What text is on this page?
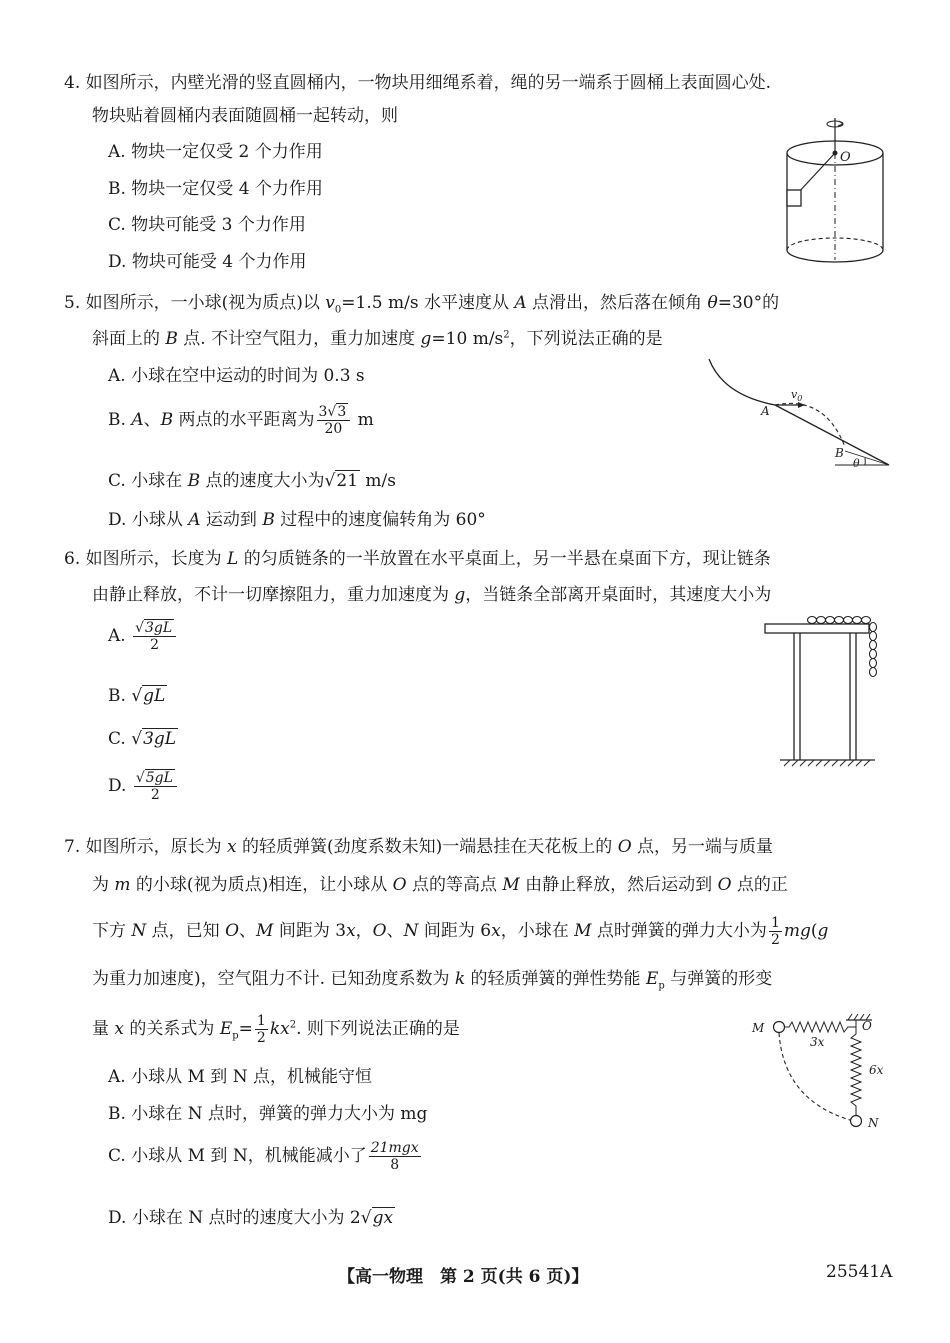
4. 如图所示，内壁光滑的竖直圆桶内，一物块用细绳系着，绳的另一端系于圆桶上表面圆心处.
物块贴着圆桶内表面随圆桶一起转动，则
A. 物块一定仅受 2 个力作用
B. 物块一定仅受 4 个力作用
C. 物块可能受 3 个力作用
D. 物块可能受 4 个力作用
O
5. 如图所示，一小球(视为质点)以 $v_0=1.5$ m/s 水平速度从 A 点滑出，然后落在倾角 θ=30°的
斜面上的 B 点. 不计空气阻力，重力加速度 g=10 $m/s^2$，下列说法正确的是
A. 小球在空中运动的时间为 0.3 s
B. A、B 两点的水平距离为 $\frac{3√3}{20}$ m
C. 小球在 B 点的速度大小为√21 m/s
D. 小球从 A 运动到 B 过程中的速度偏转角为 60°
$v_0$
A
B
θ
6. 如图所示，长度为 L 的匀质链条的一半放置在水平桌面上，另一半悬在桌面下方，现让链条
由静止释放，不计一切摩擦阻力，重力加速度为 g，当链条全部离开桌面时，其速度大小为
A. $\frac{√3gL}{2}$
B. √gL
C. √3gL
D. $\frac{√5gL}{2}$
7. 如图所示，原长为 x 的轻质弹簧(劲度系数未知)一端悬挂在天花板上的 O 点，另一端与质量
为 m 的小球(视为质点)相连，让小球从 O 点的等高点 M 由静止释放，然后运动到 O 点的正
下方 N 点，已知 O、M 间距为 3x，O、N 间距为 6x，小球在 M 点时弹簧的弹力大小为 $\frac{1}{2} mg(g$
为重力加速度)，空气阻力不计. 已知劲度系数为 k 的轻质弹簧的弹性势能 $E_p$ 与弹簧的形变
量 x 的关系式为 $E_p= \frac{1}{2} kx^2$. 则下列说法正确的是
A. 小球从 M 到 N 点，机械能守恒
B. 小球在 N 点时，弹簧的弹力大小为 mg
C. 小球从 M 到 N，机械能减小了 $\frac{\text{21mgx}}{8}$
D. 小球在 N 点时的速度大小为 2√gx
M	O
3x
6x
N
【高一物理　第 2 页(共 6 页)】	25541A
